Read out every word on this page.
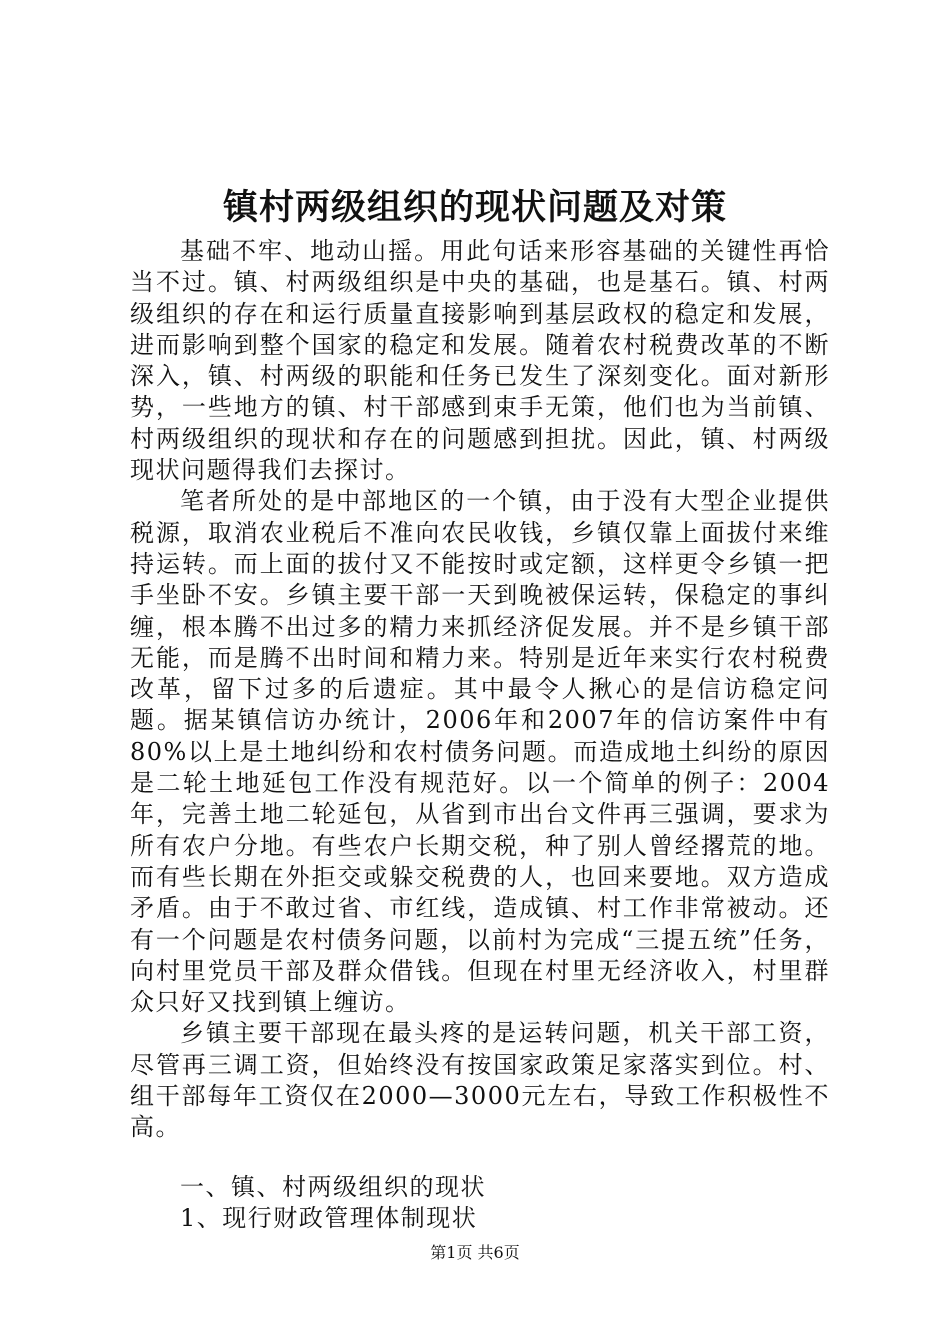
镇村两级组织的现状问题及对策

基础不牢、地动山摇。用此句话来形容基础的关键性再恰当不过。镇、村两级组织是中央的基础，也是基石。镇、村两级组织的存在和运行质量直接影响到基层政权的稳定和发展，进而影响到整个国家的稳定和发展。随着农村税费改革的不断深入，镇、村两级的职能和任务已发生了深刻变化。面对新形势，一些地方的镇、村干部感到束手无策，他们也为当前镇、村两级组织的现状和存在的问题感到担扰。因此，镇、村两级现状问题得我们去探讨。

笔者所处的是中部地区的一个镇，由于没有大型企业提供税源，取消农业税后不准向农民收钱，乡镇仅靠上面拔付来维持运转。而上面的拔付又不能按时或定额，这样更令乡镇一把手坐卧不安。乡镇主要干部一天到晚被保运转，保稳定的事纠缠，根本腾不出过多的精力来抓经济促发展。并不是乡镇干部无能，而是腾不出时间和精力来。特别是近年来实行农村税费改革，留下过多的后遗症。其中最令人揪心的是信访稳定问题。据某镇信访办统计，2006年和2007年的信访案件中有80%以上是土地纠纷和农村债务问题。而造成地土纠纷的原因是二轮土地延包工作没有规范好。以一个简单的例子：2004年，完善土地二轮延包，从省到市出台文件再三强调，要求为所有农户分地。有些农户长期交税，种了别人曾经撂荒的地。而有些长期在外拒交或躲交税费的人，也回来要地。双方造成矛盾。由于不敢过省、市红线，造成镇、村工作非常被动。还有一个问题是农村债务问题，以前村为完成“三提五统”任务，向村里党员干部及群众借钱。但现在村里无经济收入，村里群众只好又找到镇上缠访。

乡镇主要干部现在最头疼的是运转问题，机关干部工资，尽管再三调工资，但始终没有按国家政策足家落实到位。村、组干部每年工资仅在2000—3000元左右，导致工作积极性不高。

一、镇、村两级组织的现状

1、现行财政管理体制现状

第1页 共6页
